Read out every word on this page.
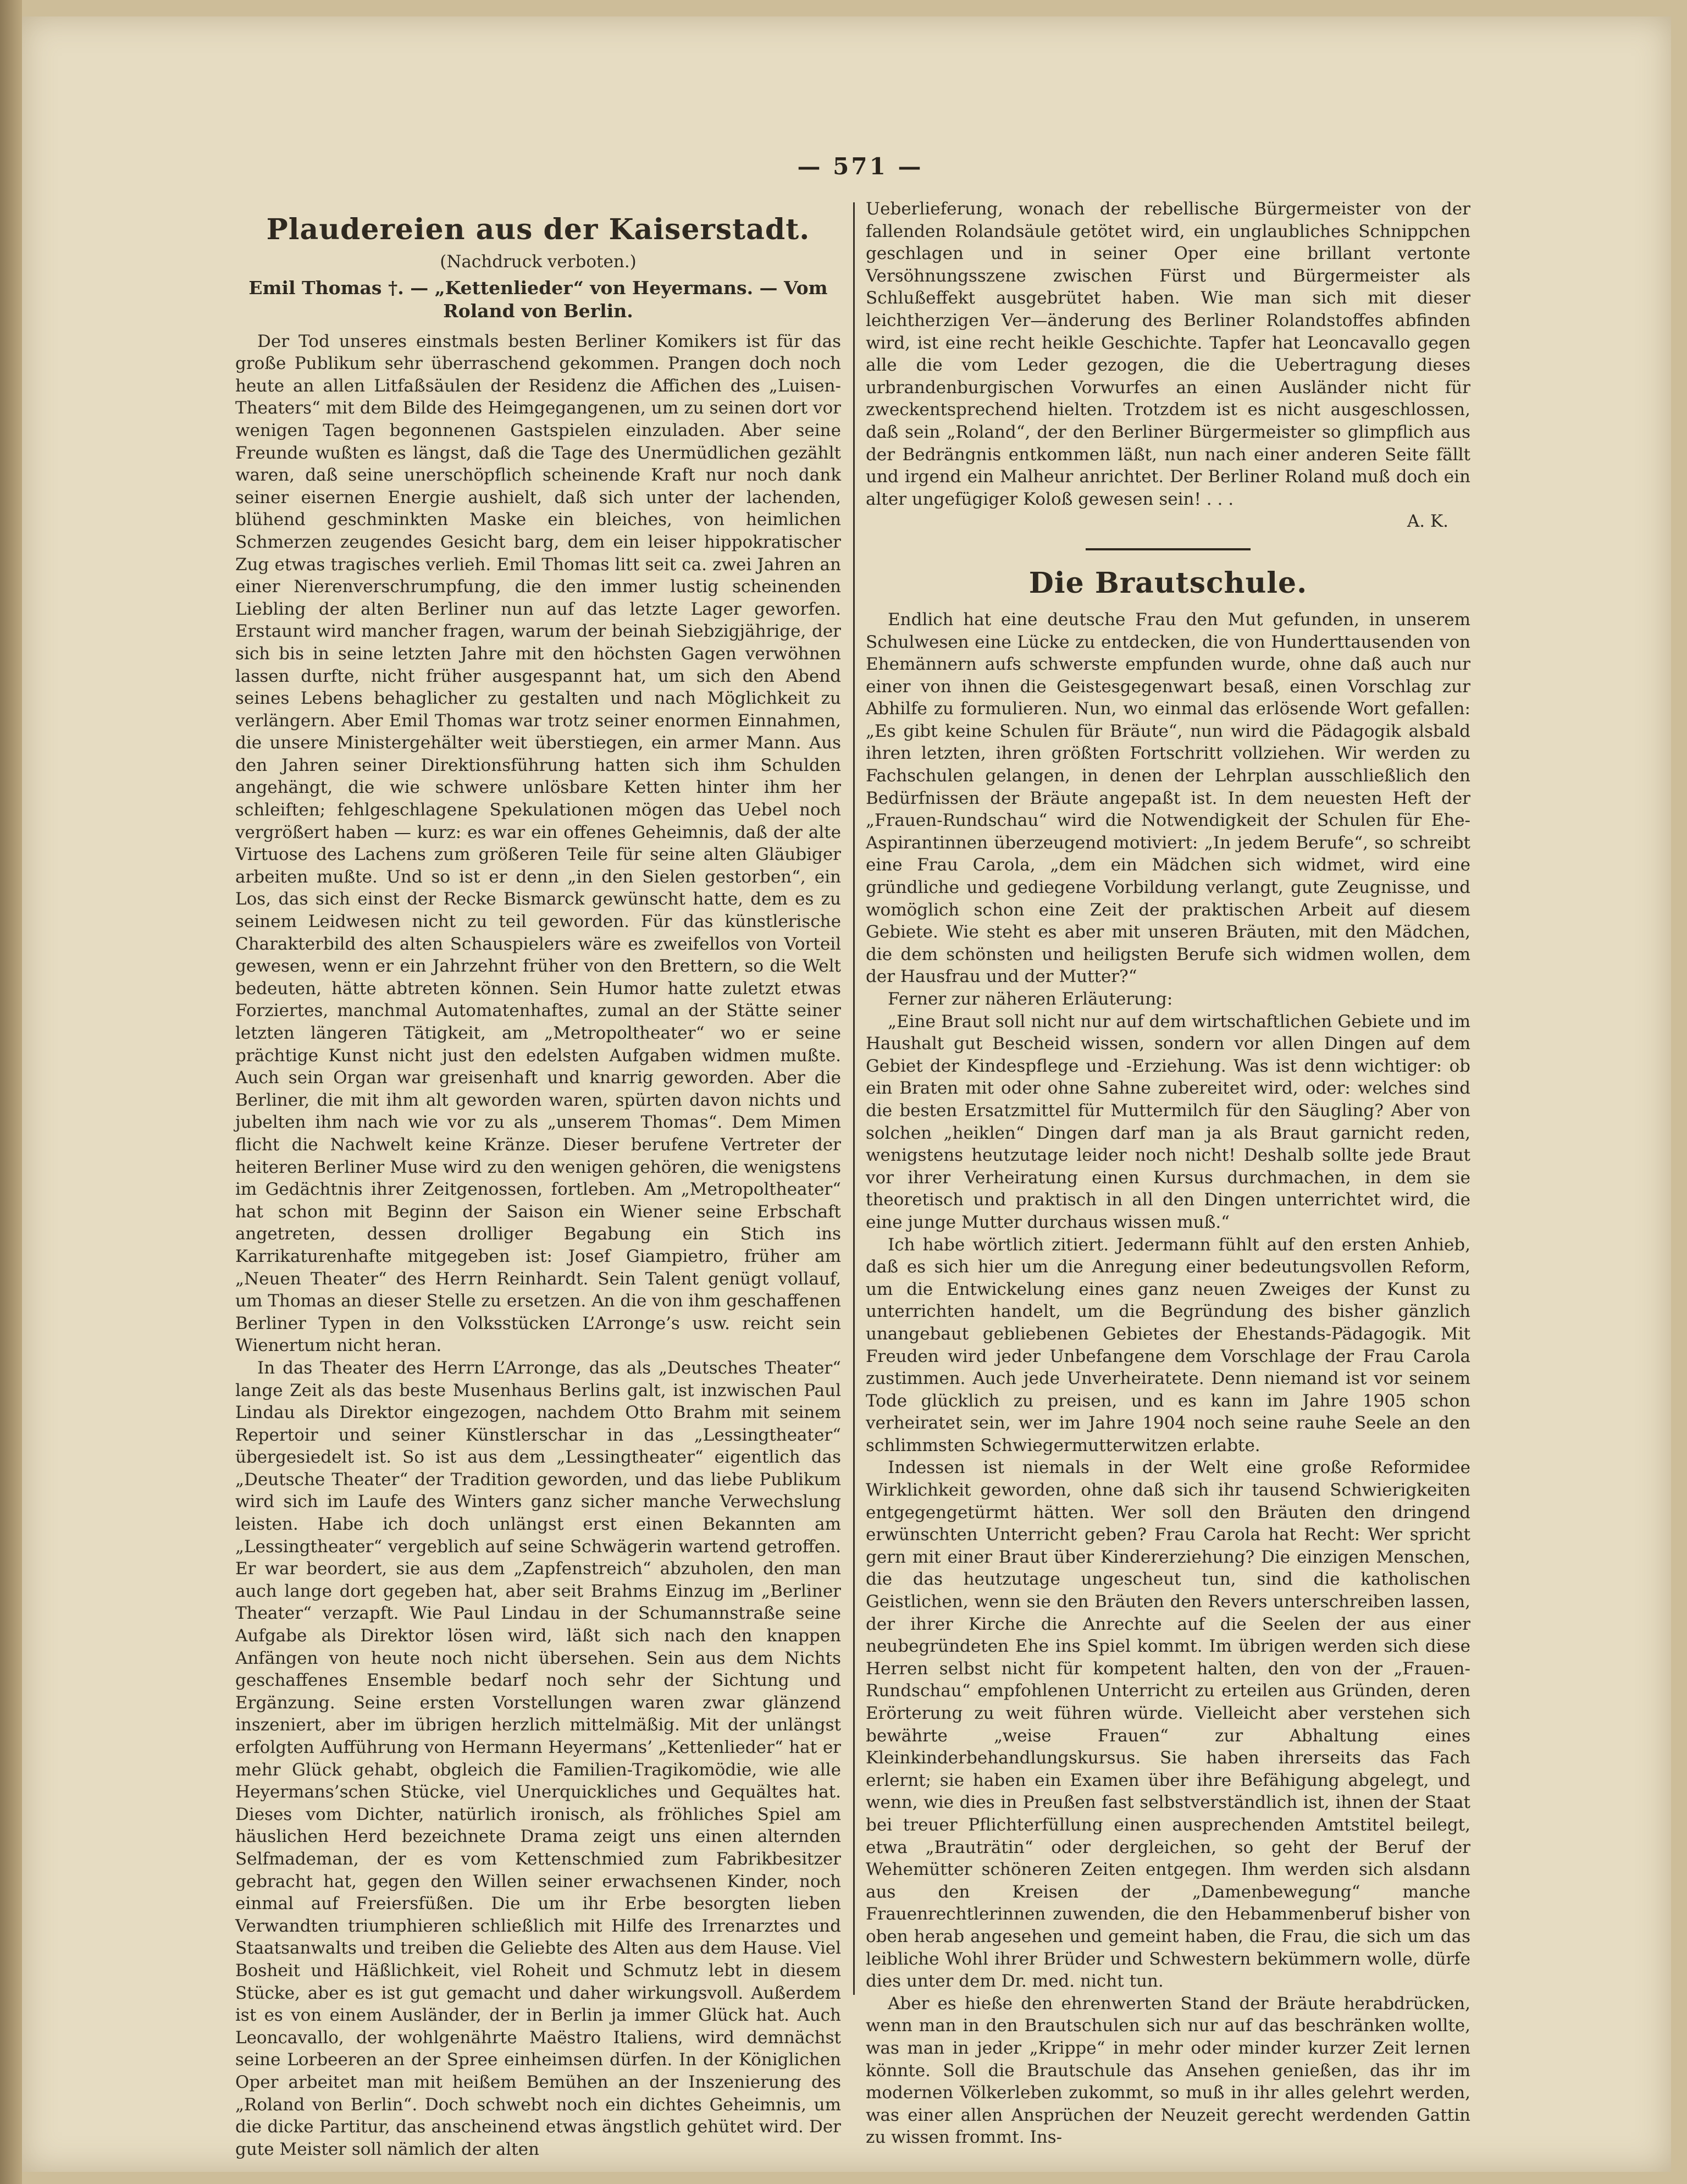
— 571 —
Plaudereien aus der Kaiserstadt.
(Nachdruck verboten.)
Emil Thomas †. — „Kettenlieder“ von Heyermans. — Vom Roland von Berlin.

Der Tod unseres einstmals besten Berliner Komikers ist für das große Publikum sehr überraschend gekommen. Prangen doch noch heute an allen Litfaßsäulen der Residenz die Affichen des „Luisen-Theaters“ mit dem Bilde des Heimgegangenen, um zu seinen dort vor wenigen Tagen begonnenen Gastspielen einzuladen. Aber seine Freunde wußten es längst, daß die Tage des Unermüdlichen gezählt waren, daß seine unerschöpflich scheinende Kraft nur noch dank seiner eisernen Energie aushielt, daß sich unter der lachenden, blühend geschminkten Maske ein bleiches, von heimlichen Schmerzen zeugendes Gesicht barg, dem ein leiser hippokratischer Zug etwas tragisches verlieh. Emil Thomas litt seit ca. zwei Jahren an einer Nierenverschrumpfung, die den immer lustig scheinenden Liebling der alten Berliner nun auf das letzte Lager geworfen. Erstaunt wird mancher fragen, warum der beinah Siebzigjährige, der sich bis in seine letzten Jahre mit den höchsten Gagen verwöhnen lassen durfte, nicht früher ausgespannt hat, um sich den Abend seines Lebens behaglicher zu gestalten und nach Möglichkeit zu verlängern. Aber Emil Thomas war trotz seiner enormen Einnahmen, die unsere Ministergehälter weit überstiegen, ein armer Mann. Aus den Jahren seiner Direktionsführung hatten sich ihm Schulden angehängt, die wie schwere unlösbare Ketten hinter ihm her schleiften; fehlgeschlagene Spekulationen mögen das Uebel noch vergrößert haben — kurz: es war ein offenes Geheimnis, daß der alte Virtuose des Lachens zum größeren Teile für seine alten Gläubiger arbeiten mußte. Und so ist er denn „in den Sielen gestorben“, ein Los, das sich einst der Recke Bismarck gewünscht hatte, dem es zu seinem Leidwesen nicht zu teil geworden. Für das künstlerische Charakterbild des alten Schauspielers wäre es zweifellos von Vorteil gewesen, wenn er ein Jahrzehnt früher von den Brettern, so die Welt bedeuten, hätte abtreten können. Sein Humor hatte zuletzt etwas Forziertes, manchmal Automatenhaftes, zumal an der Stätte seiner letzten längeren Tätigkeit, am „Metropoltheater“ wo er seine prächtige Kunst nicht just den edelsten Aufgaben widmen mußte. Auch sein Organ war greisenhaft und knarrig geworden. Aber die Berliner, die mit ihm alt geworden waren, spürten davon nichts und jubelten ihm nach wie vor zu als „unserem Thomas“. Dem Mimen flicht die Nachwelt keine Kränze. Dieser berufene Vertreter der heiteren Berliner Muse wird zu den wenigen gehören, die wenigstens im Gedächtnis ihrer Zeitgenossen, fortleben. Am „Metropoltheater“ hat schon mit Beginn der Saison ein Wiener seine Erbschaft angetreten, dessen drolliger Begabung ein Stich ins Karrikaturenhafte mitgegeben ist: Josef Giampietro, früher am „Neuen Theater“ des Herrn Reinhardt. Sein Talent genügt vollauf, um Thomas an dieser Stelle zu ersetzen. An die von ihm geschaffenen Berliner Typen in den Volksstücken L’Arronge’s usw. reicht sein Wienertum nicht heran.

In das Theater des Herrn L’Arronge, das als „Deutsches Theater“ lange Zeit als das beste Musenhaus Berlins galt, ist inzwischen Paul Lindau als Direktor eingezogen, nachdem Otto Brahm mit seinem Repertoir und seiner Künstlerschar in das „Lessingtheater“ übergesiedelt ist. So ist aus dem „Lessingtheater“ eigentlich das „Deutsche Theater“ der Tradition geworden, und das liebe Publikum wird sich im Laufe des Winters ganz sicher manche Verwechslung leisten. Habe ich doch unlängst erst einen Bekannten am „Lessingtheater“ vergeblich auf seine Schwägerin wartend getroffen. Er war beordert, sie aus dem „Zapfenstreich“ abzuholen, den man auch lange dort gegeben hat, aber seit Brahms Einzug im „Berliner Theater“ verzapft. Wie Paul Lindau in der Schumannstraße seine Aufgabe als Direktor lösen wird, läßt sich nach den knappen Anfängen von heute noch nicht übersehen. Sein aus dem Nichts geschaffenes Ensemble bedarf noch sehr der Sichtung und Ergänzung. Seine ersten Vorstellungen waren zwar glänzend inszeniert, aber im übrigen herzlich mittelmäßig. Mit der unlängst erfolgten Aufführung von Hermann Heyermans’ „Kettenlieder“ hat er mehr Glück gehabt, obgleich die Familien-Tragikomödie, wie alle Heyermans’schen Stücke, viel Unerquickliches und Gequältes hat. Dieses vom Dichter, natürlich ironisch, als fröhliches Spiel am häuslichen Herd bezeichnete Drama zeigt uns einen alternden Selfmademan, der es vom Kettenschmied zum Fabrikbesitzer gebracht hat, gegen den Willen seiner erwachsenen Kinder, noch einmal auf Freiersfüßen. Die um ihr Erbe besorgten lieben Verwandten triumphieren schließlich mit Hilfe des Irrenarztes und Staatsanwalts und treiben die Geliebte des Alten aus dem Hause. Viel Bosheit und Häßlichkeit, viel Roheit und Schmutz lebt in diesem Stücke, aber es ist gut gemacht und daher wirkungsvoll. Außerdem ist es von einem Ausländer, der in Berlin ja immer Glück hat. Auch Leoncavallo, der wohlgenährte Maëstro Italiens, wird demnächst seine Lorbeeren an der Spree einheimsen dürfen. In der Königlichen Oper arbeitet man mit heißem Bemühen an der Inszenierung des „Roland von Berlin“. Doch schwebt noch ein dichtes Geheimnis, um die dicke Partitur, das anscheinend etwas ängstlich gehütet wird. Der gute Meister soll nämlich der alten

Ueberlieferung, wonach der rebellische Bürgermeister von der fallenden Rolandsäule getötet wird, ein unglaubliches Schnippchen geschlagen und in seiner Oper eine brillant vertonte Versöhnungsszene zwischen Fürst und Bürgermeister als Schlußeffekt ausgebrütet haben. Wie man sich mit dieser leichtherzigen Ver—änderung des Berliner Rolandstoffes abfinden wird, ist eine recht heikle Geschichte. Tapfer hat Leoncavallo gegen alle die vom Leder gezogen, die die Uebertragung dieses urbrandenburgischen Vorwurfes an einen Ausländer nicht für zweckentsprechend hielten. Trotzdem ist es nicht ausgeschlossen, daß sein „Roland“, der den Berliner Bürgermeister so glimpflich aus der Bedrängnis entkommen läßt, nun nach einer anderen Seite fällt und irgend ein Malheur anrichtet. Der Berliner Roland muß doch ein alter ungefügiger Koloß gewesen sein! . . .

A. K.
Die Brautschule.

Endlich hat eine deutsche Frau den Mut gefunden, in unserem Schulwesen eine Lücke zu entdecken, die von Hunderttausenden von Ehemännern aufs schwerste empfunden wurde, ohne daß auch nur einer von ihnen die Geistesgegenwart besaß, einen Vorschlag zur Abhilfe zu formulieren. Nun, wo einmal das erlösende Wort gefallen: „Es gibt keine Schulen für Bräute“, nun wird die Pädagogik alsbald ihren letzten, ihren größten Fortschritt vollziehen. Wir werden zu Fachschulen gelangen, in denen der Lehrplan ausschließlich den Bedürfnissen der Bräute angepaßt ist. In dem neuesten Heft der „Frauen-Rundschau“ wird die Notwendigkeit der Schulen für Ehe-Aspirantinnen überzeugend motiviert: „In jedem Berufe“, so schreibt eine Frau Carola, „dem ein Mädchen sich widmet, wird eine gründliche und gediegene Vorbildung verlangt, gute Zeugnisse, und womöglich schon eine Zeit der praktischen Arbeit auf diesem Gebiete. Wie steht es aber mit unseren Bräuten, mit den Mädchen, die dem schönsten und heiligsten Berufe sich widmen wollen, dem der Hausfrau und der Mutter?“

Ferner zur näheren Erläuterung:

„Eine Braut soll nicht nur auf dem wirtschaftlichen Gebiete und im Haushalt gut Bescheid wissen, sondern vor allen Dingen auf dem Gebiet der Kindespflege und -Erziehung. Was ist denn wichtiger: ob ein Braten mit oder ohne Sahne zubereitet wird, oder: welches sind die besten Ersatzmittel für Muttermilch für den Säugling? Aber von solchen „heiklen“ Dingen darf man ja als Braut garnicht reden, wenigstens heutzutage leider noch nicht! Deshalb sollte jede Braut vor ihrer Verheiratung einen Kursus durchmachen, in dem sie theoretisch und praktisch in all den Dingen unterrichtet wird, die eine junge Mutter durchaus wissen muß.“

Ich habe wörtlich zitiert. Jedermann fühlt auf den ersten Anhieb, daß es sich hier um die Anregung einer bedeutungsvollen Reform, um die Entwickelung eines ganz neuen Zweiges der Kunst zu unterrichten handelt, um die Begründung des bisher gänzlich unangebaut gebliebenen Gebietes der Ehestands-Pädagogik. Mit Freuden wird jeder Unbefangene dem Vorschlage der Frau Carola zustimmen. Auch jede Unverheiratete. Denn niemand ist vor seinem Tode glücklich zu preisen, und es kann im Jahre 1905 schon verheiratet sein, wer im Jahre 1904 noch seine rauhe Seele an den schlimmsten Schwiegermutterwitzen erlabte.

Indessen ist niemals in der Welt eine große Reformidee Wirklichkeit geworden, ohne daß sich ihr tausend Schwierigkeiten entgegengetürmt hätten. Wer soll den Bräuten den dringend erwünschten Unterricht geben? Frau Carola hat Recht: Wer spricht gern mit einer Braut über Kindererziehung? Die einzigen Menschen, die das heutzutage ungescheut tun, sind die katholischen Geistlichen, wenn sie den Bräuten den Revers unterschreiben lassen, der ihrer Kirche die Anrechte auf die Seelen der aus einer neubegründeten Ehe ins Spiel kommt. Im übrigen werden sich diese Herren selbst nicht für kompetent halten, den von der „Frauen-Rundschau“ empfohlenen Unterricht zu erteilen aus Gründen, deren Erörterung zu weit führen würde. Vielleicht aber verstehen sich bewährte „weise Frauen“ zur Abhaltung eines Kleinkinderbehandlungskursus. Sie haben ihrerseits das Fach erlernt; sie haben ein Examen über ihre Befähigung abgelegt, und wenn, wie dies in Preußen fast selbstverständlich ist, ihnen der Staat bei treuer Pflichterfüllung einen ausprechenden Amtstitel beilegt, etwa „Brauträtin“ oder dergleichen, so geht der Beruf der Wehemütter schöneren Zeiten entgegen. Ihm werden sich alsdann aus den Kreisen der „Damenbewegung“ manche Frauenrechtlerinnen zuwenden, die den Hebammenberuf bisher von oben herab angesehen und gemeint haben, die Frau, die sich um das leibliche Wohl ihrer Brüder und Schwestern bekümmern wolle, dürfe dies unter dem Dr. med. nicht tun.

Aber es hieße den ehrenwerten Stand der Bräute herabdrücken, wenn man in den Brautschulen sich nur auf das beschränken wollte, was man in jeder „Krippe“ in mehr oder minder kurzer Zeit lernen könnte. Soll die Brautschule das Ansehen genießen, das ihr im modernen Völkerleben zukommt, so muß in ihr alles gelehrt werden, was einer allen Ansprüchen der Neuzeit gerecht werdenden Gattin zu wissen frommt. Ins-
